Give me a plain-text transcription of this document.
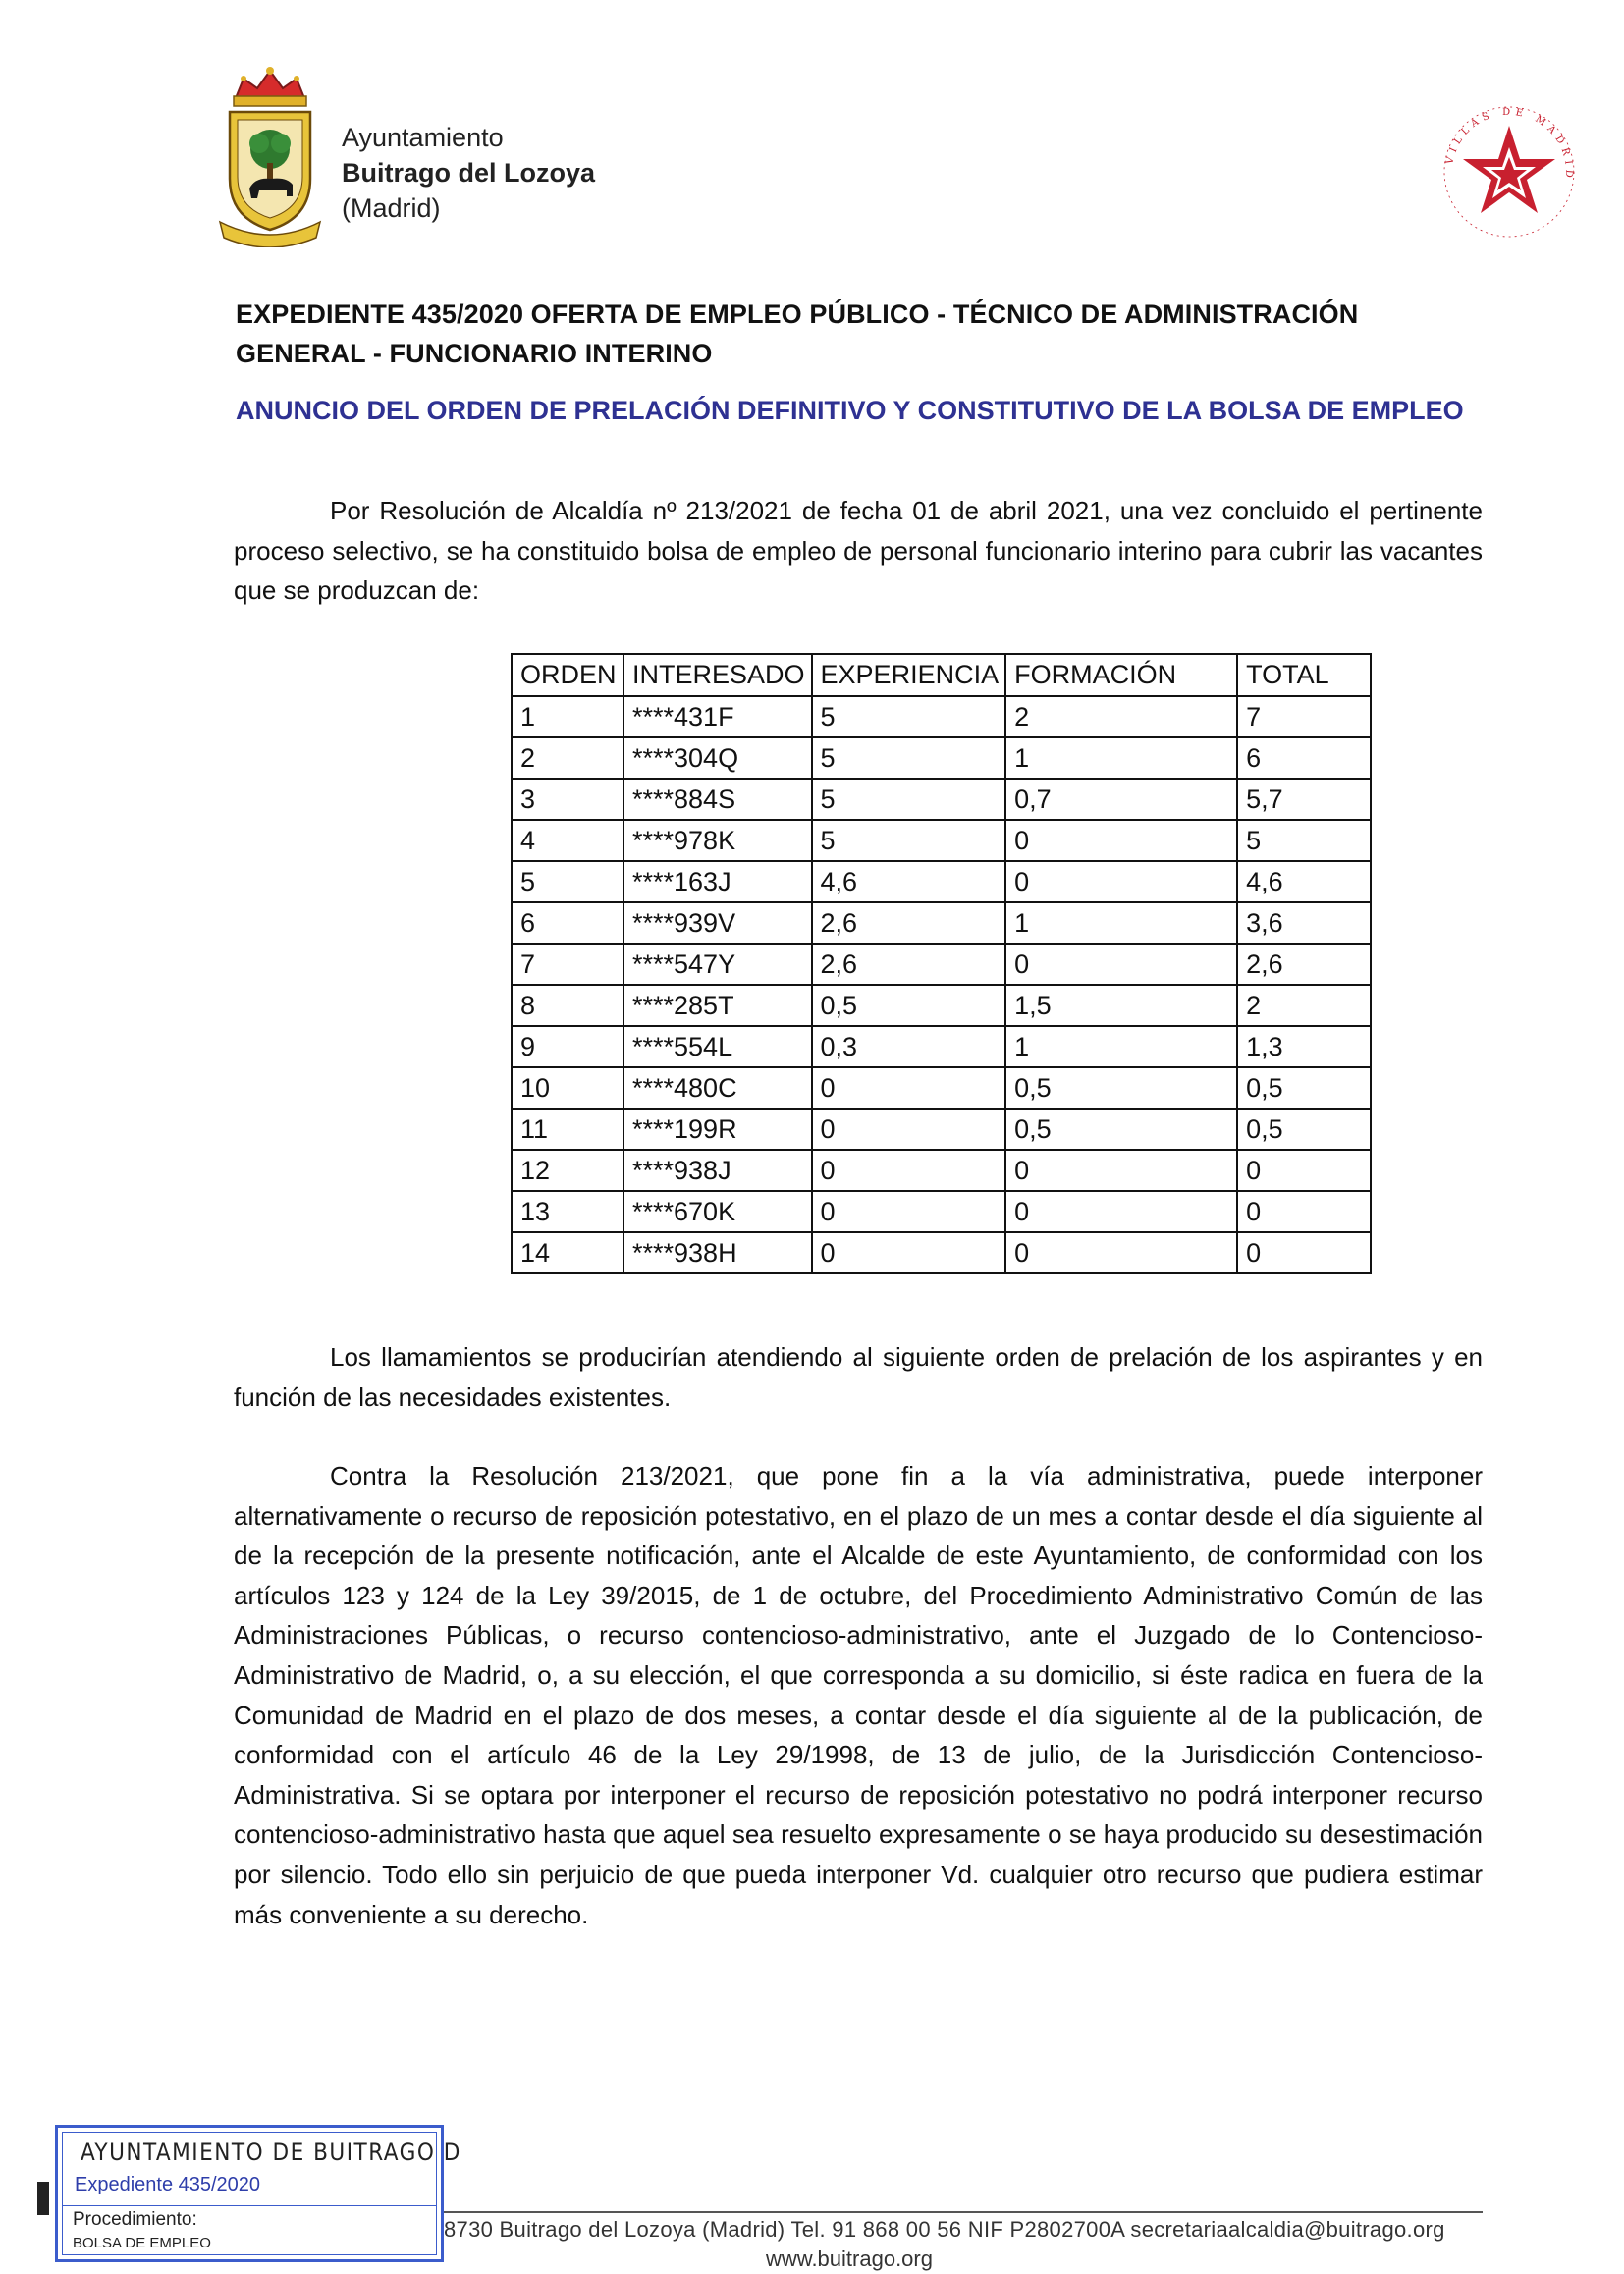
Ayuntamiento
Buitrago del Lozoya
(Madrid)
VILLAS DE MADRID
EXPEDIENTE 435/2020 OFERTA DE EMPLEO PÚBLICO - TÉCNICO DE ADMINISTRACIÓN GENERAL - FUNCIONARIO INTERINO
ANUNCIO DEL ORDEN DE PRELACIÓN DEFINITIVO Y CONSTITUTIVO DE LA BOLSA DE EMPLEO
Por Resolución de Alcaldía nº 213/2021 de fecha 01 de abril 2021, una vez concluido el pertinente proceso selectivo, se ha constituido bolsa de empleo de personal funcionario interino para cubrir las vacantes que se produzcan de:
ORDEN	INTERESADO	EXPERIENCIA	FORMACIÓN	TOTAL
1	****431F	5	2	7
2	****304Q	5	1	6
3	****884S	5	0,7	5,7
4	****978K	5	0	5
5	****163J	4,6	0	4,6
6	****939V	2,6	1	3,6
7	****547Y	2,6	0	2,6
8	****285T	0,5	1,5	2
9	****554L	0,3	1	1,3
10	****480C	0	0,5	0,5
11	****199R	0	0,5	0,5
12	****938J	0	0	0
13	****670K	0	0	0
14	****938H	0	0	0
Los llamamientos se producirían atendiendo al siguiente orden de prelación de los aspirantes y en función de las necesidades existentes.
Contra la Resolución 213/2021, que pone fin a la vía administrativa, puede interponer alternativamente o recurso de reposición potestativo, en el plazo de un mes a contar desde el día siguiente al de la recepción de la presente notificación, ante el Alcalde de este Ayuntamiento, de conformidad con los artículos 123 y 124 de la Ley 39/2015, de 1 de octubre, del Procedimiento Administrativo Común de las Administraciones Públicas, o recurso contencioso-administrativo, ante el Juzgado de lo Contencioso-Administrativo de Madrid, o, a su elección, el que corresponda a su domicilio, si éste radica en fuera de la Comunidad de Madrid en el plazo de dos meses, a contar desde el día siguiente al de la publicación, de conformidad con el artículo 46 de la Ley 29/1998, de 13 de julio, de la Jurisdicción Contencioso-Administrativa. Si se optara por interponer el recurso de reposición potestativo no podrá interponer recurso contencioso-administrativo hasta que aquel sea resuelto expresamente o se haya producido su desestimación por silencio. Todo ello sin perjuicio de que pueda interponer Vd. cualquier otro recurso que pudiera estimar más conveniente a su derecho.
8730 Buitrago del Lozoya (Madrid) Tel. 91 868 00 56 NIF P2802700A secretariaalcaldia@buitrago.org
www.buitrago.org
AYUNTAMIENTO DE BUITRAGO D
Expediente 435/2020
Procedimiento:
BOLSA DE EMPLEO
